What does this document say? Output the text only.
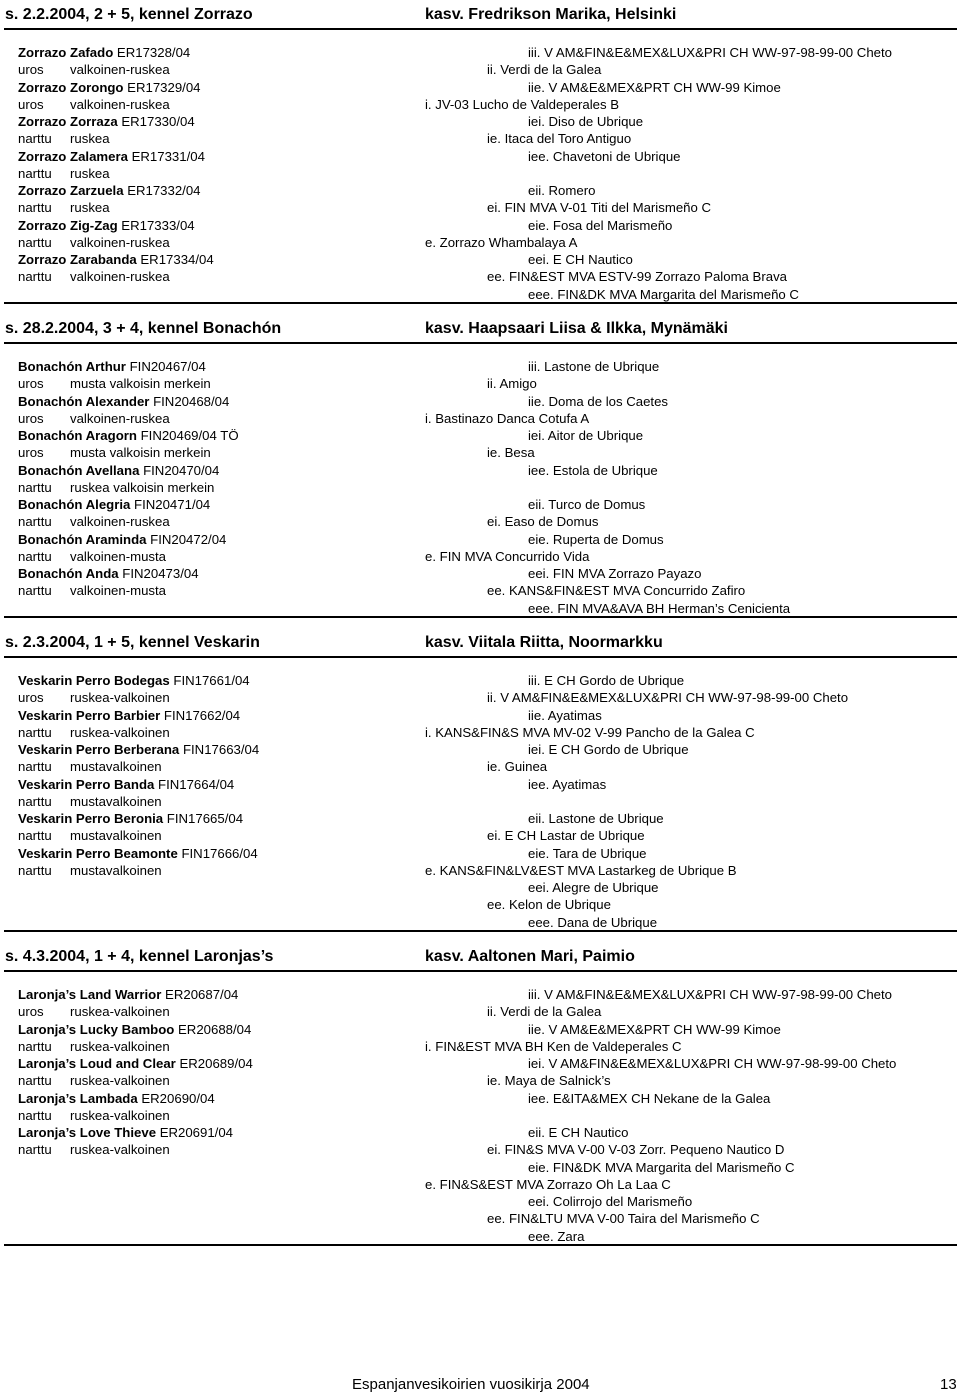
s. 2.2.2004, 2 + 5, kennel Zorrazo	kasv. Fredrikson Marika, Helsinki
Zorrazo Zafado ER17328/04
uros valkoinen-ruskea
Zorrazo Zorongo ER17329/04
uros valkoinen-ruskea
Zorrazo Zorraza ER17330/04
narttu ruskea
Zorrazo Zalamera ER17331/04
narttu ruskea
Zorrazo Zarzuela ER17332/04
narttu ruskea
Zorrazo Zig-Zag ER17333/04
narttu valkoinen-ruskea
Zorrazo Zarabanda ER17334/04
narttu valkoinen-ruskea
iii. V AM&FIN&E&MEX&LUX&PRI CH WW-97-98-99-00 Cheto
ii. Verdi de la Galea
iie. V AM&E&MEX&PRT CH WW-99 Kimoe
i. JV-03 Lucho de Valdeperales B
iei. Diso de Ubrique
ie. Itaca del Toro Antiguo
iee. Chavetoni de Ubrique
eii. Romero
ei. FIN MVA V-01 Titi del Marismeño C
eie. Fosa del Marismeño
e. Zorrazo Whambalaya A
eei. E CH Nautico
ee. FIN&EST MVA ESTV-99 Zorrazo Paloma Brava
eee. FIN&DK MVA Margarita del Marismeño C
s. 28.2.2004, 3 + 4, kennel Bonachón	kasv. Haapsaari Liisa & Ilkka, Mynämäki
Bonachón Arthur FIN20467/04
uros musta valkoisin merkein
Bonachón Alexander FIN20468/04
uros valkoinen-ruskea
Bonachón Aragorn FIN20469/04 TÖ
uros musta valkoisin merkein
Bonachón Avellana FIN20470/04
narttu ruskea valkoisin merkein
Bonachón Alegria FIN20471/04
narttu valkoinen-ruskea
Bonachón Araminda FIN20472/04
narttu valkoinen-musta
Bonachón Anda FIN20473/04
narttu valkoinen-musta
iii. Lastone de Ubrique
ii. Amigo
iie. Doma de los Caetes
i. Bastinazo Danca Cotufa A
iei. Aitor de Ubrique
ie. Besa
iee. Estola de Ubrique
eii. Turco de Domus
ei. Easo de Domus
eie. Ruperta de Domus
e. FIN MVA Concurrido Vida
eei. FIN MVA Zorrazo Payazo
ee. KANS&FIN&EST MVA Concurrido Zafiro
eee. FIN MVA&AVA BH Herman’s Cenicienta
s. 2.3.2004, 1 + 5, kennel Veskarin	kasv. Viitala Riitta, Noormarkku
Veskarin Perro Bodegas FIN17661/04
uros ruskea-valkoinen
Veskarin Perro Barbier FIN17662/04
narttu ruskea-valkoinen
Veskarin Perro Berberana FIN17663/04
narttu mustavalkoinen
Veskarin Perro Banda FIN17664/04
narttu mustavalkoinen
Veskarin Perro Beronia FIN17665/04
narttu mustavalkoinen
Veskarin Perro Beamonte FIN17666/04
narttu mustavalkoinen
iii. E CH Gordo de Ubrique
ii. V AM&FIN&E&MEX&LUX&PRI CH WW-97-98-99-00 Cheto
iie. Ayatimas
i. KANS&FIN&S MVA MV-02 V-99 Pancho de la Galea C
iei. E CH Gordo de Ubrique
ie. Guinea
iee. Ayatimas
eii. Lastone de Ubrique
ei. E CH Lastar de Ubrique
eie. Tara de Ubrique
e. KANS&FIN&LV&EST MVA Lastarkeg de Ubrique B
eei. Alegre de Ubrique
ee. Kelon de Ubrique
eee. Dana de Ubrique
s. 4.3.2004, 1 + 4, kennel Laronjas’s	kasv. Aaltonen Mari, Paimio
Laronja’s Land Warrior ER20687/04
uros ruskea-valkoinen
Laronja’s Lucky Bamboo ER20688/04
narttu ruskea-valkoinen
Laronja’s Loud and Clear ER20689/04
narttu ruskea-valkoinen
Laronja’s Lambada ER20690/04
narttu ruskea-valkoinen
Laronja’s Love Thieve ER20691/04
narttu ruskea-valkoinen
iii. V AM&FIN&E&MEX&LUX&PRI CH WW-97-98-99-00 Cheto
ii. Verdi de la Galea
iie. V AM&E&MEX&PRT CH WW-99 Kimoe
i. FIN&EST MVA BH Ken de Valdeperales C
iei. V AM&FIN&E&MEX&LUX&PRI CH WW-97-98-99-00 Cheto
ie. Maya de Salnick’s
iee. E&ITA&MEX CH Nekane de la Galea
eii. E CH Nautico
ei. FIN&S MVA V-00 V-03 Zorr. Pequeno Nautico D
eie. FIN&DK MVA Margarita del Marismeño C
e. FIN&S&EST MVA Zorrazo Oh La Laa C
eei. Colirrojo del Marismeño
ee. FIN&LTU MVA V-00 Taira del Marismeño C
eee. Zara
Espanjanvesikoirien vuosikirja 2004	13
